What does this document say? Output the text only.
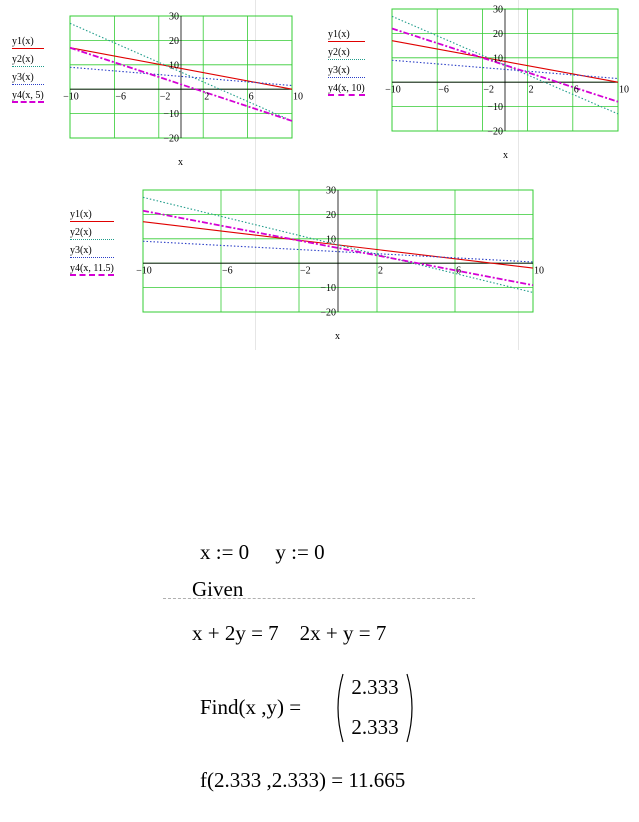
y1(x)
y2(x)
y3(x)
y4(x, 5) −10	−6	−2	2	6	10
30
20
10
−10
−20
x
y1(x)
y2(x)
y3(x)
y4(x, 10) −10	−6	−2	2	6	10
30
20
10
−10
−20
x
y1(x)
y2(x)
y3(x)
y4(x, 11.5) −10	−6	−2	2	6	10
30
20
10
−10
−20
x
x := 0     y := 0
Given
x + 2y = 7    2x + y = 7
Find(x ,y) =
2.333
2.333
f(2.333 ,2.333) = 11.665
